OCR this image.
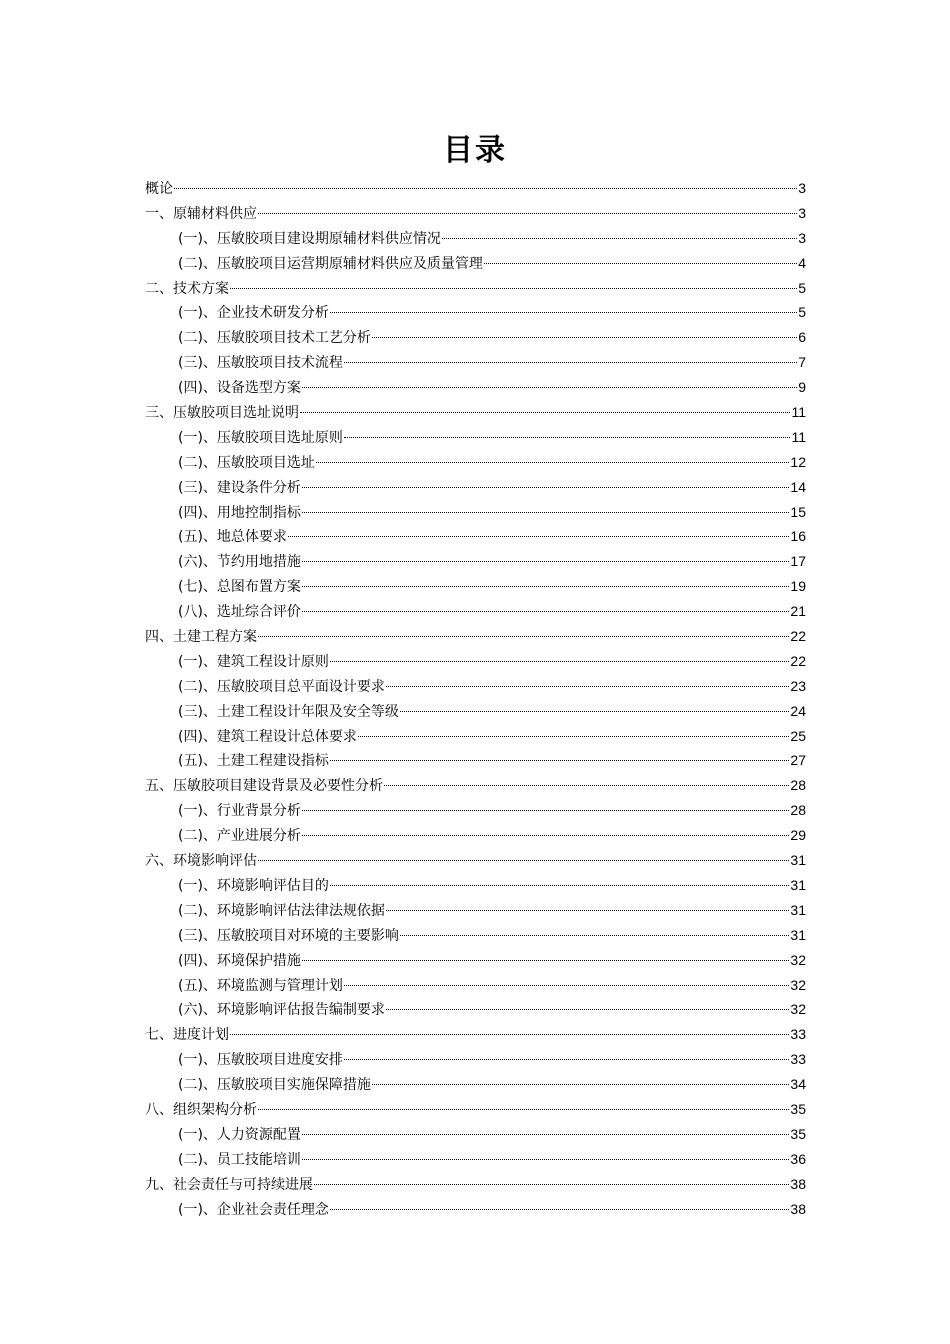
目录
概论	3
一、原辅材料供应	3
(一)、压敏胶项目建设期原辅材料供应情况	3
(二)、压敏胶项目运营期原辅材料供应及质量管理	4
二、技术方案	5
(一)、企业技术研发分析	5
(二)、压敏胶项目技术工艺分析	6
(三)、压敏胶项目技术流程	7
(四)、设备选型方案	9
三、压敏胶项目选址说明	11
(一)、压敏胶项目选址原则	11
(二)、压敏胶项目选址	12
(三)、建设条件分析	14
(四)、用地控制指标	15
(五)、地总体要求	16
(六)、节约用地措施	17
(七)、总图布置方案	19
(八)、选址综合评价	21
四、土建工程方案	22
(一)、建筑工程设计原则	22
(二)、压敏胶项目总平面设计要求	23
(三)、土建工程设计年限及安全等级	24
(四)、建筑工程设计总体要求	25
(五)、土建工程建设指标	27
五、压敏胶项目建设背景及必要性分析	28
(一)、行业背景分析	28
(二)、产业进展分析	29
六、环境影响评估	31
(一)、环境影响评估目的	31
(二)、环境影响评估法律法规依据	31
(三)、压敏胶项目对环境的主要影响	31
(四)、环境保护措施	32
(五)、环境监测与管理计划	32
(六)、环境影响评估报告编制要求	32
七、进度计划	33
(一)、压敏胶项目进度安排	33
(二)、压敏胶项目实施保障措施	34
八、组织架构分析	35
(一)、人力资源配置	35
(二)、员工技能培训	36
九、社会责任与可持续进展	38
(一)、企业社会责任理念	38
